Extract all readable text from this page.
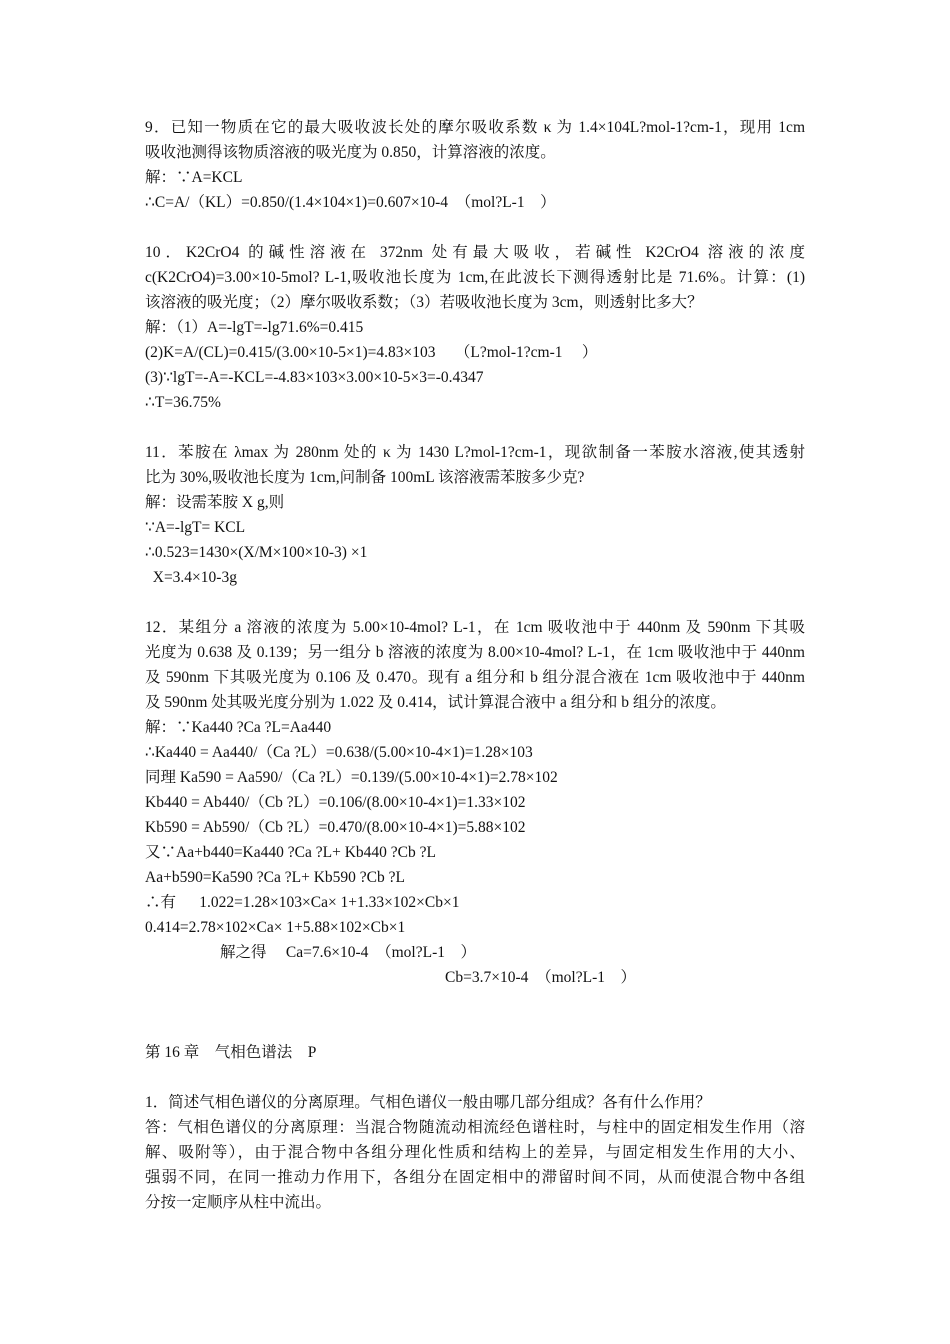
9．已知一物质在它的最大吸收波长处的摩尔吸收系数 κ 为 1.4×104L?mol-1?cm-1，现用 1cm
吸收池测得该物质溶液的吸光度为 0.850，计算溶液的浓度。
解：∵A=KCL
∴C=A/（KL）=0.850/(1.4×104×1)=0.607×10-4　（mol?L-1　）
10．K2CrO4 的碱性溶液在 372nm 处有最大吸收，若碱性 K2CrO4 溶液的浓度
c(K2CrO4)=3.00×10-5mol? L-1,吸收池长度为 1cm,在此波长下测得透射比是 71.6%。计算：(1)
该溶液的吸光度；（2）摩尔吸收系数；（3）若吸收池长度为 3cm，则透射比多大？
解：（1）A=-lgT=-lg71.6%=0.415
(2)K=A/(CL)=0.415/(3.00×10-5×1)=4.83×103　 （L?mol-1?cm-1　 ）
(3)∵lgT=-A=-KCL=-4.83×103×3.00×10-5×3=-0.4347
∴T=36.75%
11．苯胺在 λmax 为 280nm 处的 κ 为 1430 L?mol-1?cm-1，现欲制备一苯胺水溶液,使其透射
比为 30%,吸收池长度为 1cm,问制备 100mL 该溶液需苯胺多少克?
解：设需苯胺 X g,则
∵A=-lgT= KCL
∴0.523=1430×(X/M×100×10-3) ×1
X=3.4×10-3g
12．某组分 a 溶液的浓度为 5.00×10-4mol? L-1，在 1cm 吸收池中于 440nm 及 590nm 下其吸
光度为 0.638 及 0.139；另一组分 b 溶液的浓度为 8.00×10-4mol? L-1，在 1cm 吸收池中于 440nm
及 590nm 下其吸光度为 0.106 及 0.470。现有 a 组分和 b 组分混合液在 1cm 吸收池中于 440nm
及 590nm 处其吸光度分别为 1.022 及 0.414，试计算混合液中 a 组分和 b 组分的浓度。
解：∵Ka440 ?Ca ?L=Aa440
∴Ka440 = Aa440/（Ca ?L）=0.638/(5.00×10-4×1)=1.28×103
同理 Ka590 = Aa590/（Ca ?L）=0.139/(5.00×10-4×1)=2.78×102
Kb440 = Ab440/（Cb ?L）=0.106/(8.00×10-4×1)=1.33×102
Kb590 = Ab590/（Cb ?L）=0.470/(8.00×10-4×1)=5.88×102
又∵Aa+b440=Ka440 ?Ca ?L+ Kb440 ?Cb ?L
Aa+b590=Ka590 ?Ca ?L+ Kb590 ?Cb ?L
∴有　  1.022=1.28×103×Ca× 1+1.33×102×Cb×1
0.414=2.78×102×Ca× 1+5.88×102×Cb×1
解之得　 Ca=7.6×10-4　（mol?L-1　）
Cb=3.7×10-4　（mol?L-1　）
第 16 章　气相色谱法　P
1．简述气相色谱仪的分离原理。气相色谱仪一般由哪几部分组成？各有什么作用？
答：气相色谱仪的分离原理：当混合物随流动相流经色谱柱时，与柱中的固定相发生作用（溶
解、吸附等），由于混合物中各组分理化性质和结构上的差异，与固定相发生作用的大小、
强弱不同，在同一推动力作用下，各组分在固定相中的滞留时间不同，从而使混合物中各组
分按一定顺序从柱中流出。
